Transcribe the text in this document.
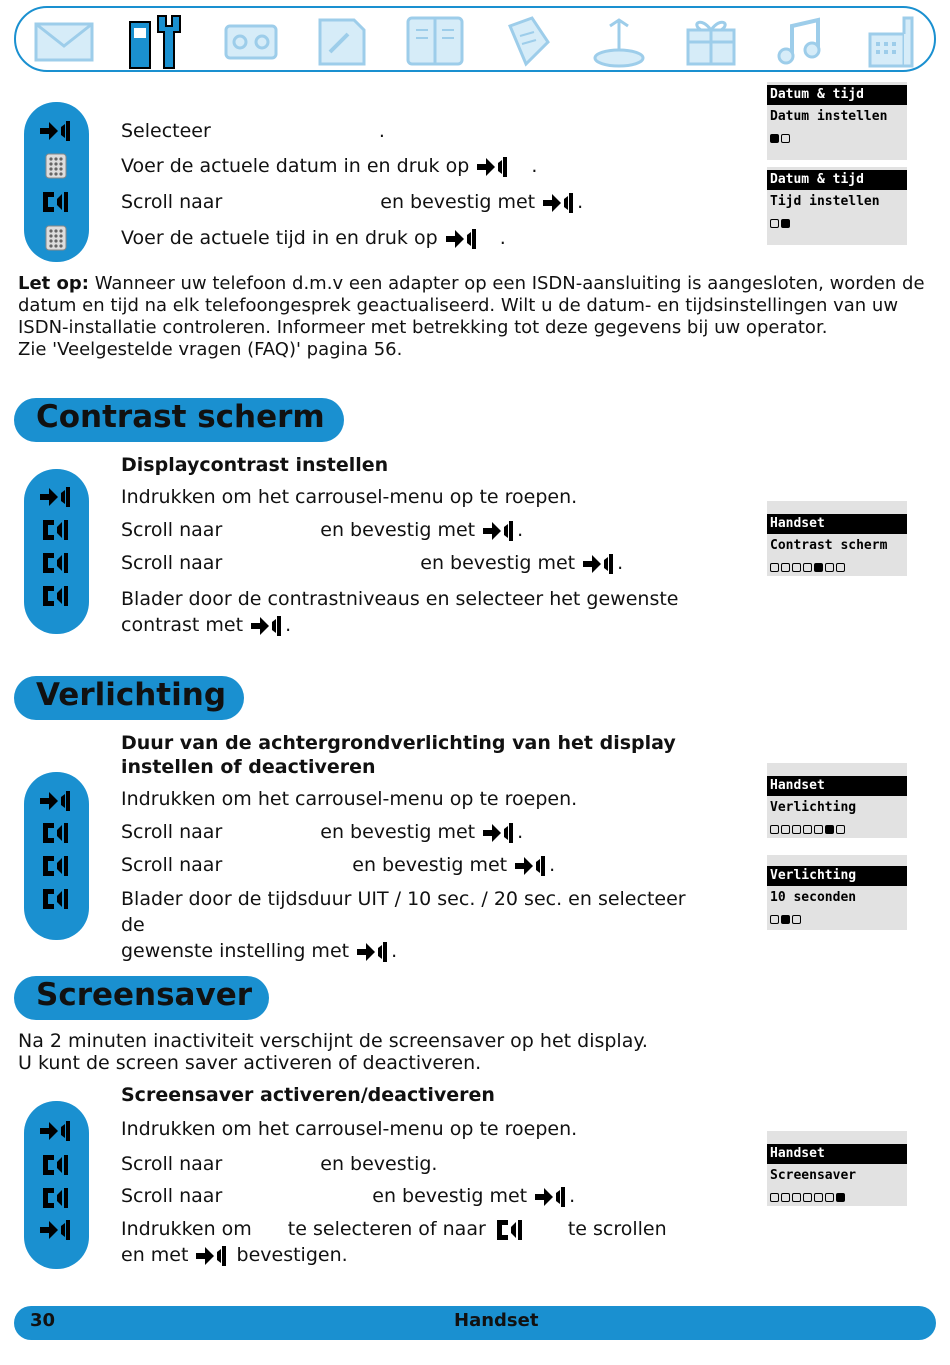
Selecteer	.
Voer de actuele datum in en druk op	.
Scroll naar	en bevestig met .
Voer de actuele tijd in en druk op	.
Datum & tijd
Datum instellen
Datum & tijd
Tijd instellen
Let op: Wanneer uw telefoon d.m.v een adapter op een ISDN-aansluiting is aangesloten, worden de datum en tijd na elk telefoongesprek geactualiseerd. Wilt u de datum- en tijdsinstellingen van uw ISDN-installatie controleren. Informeer met betrekking tot deze gegevens bij uw operator.
Zie 'Veelgestelde vragen (FAQ)' pagina 56.
Contrast scherm
Displaycontrast instellen
Indrukken om het carrousel-menu op te roepen.
Scroll naar	en bevestig met .
Scroll naar	en bevestig met .
Blader door de contrastniveaus en selecteer het gewenste
contrast met .
Handset
Contrast scherm
Verlichting
Duur van de achtergrondverlichting van het display
instellen of deactiveren
Indrukken om het carrousel-menu op te roepen.
Scroll naar	en bevestig met .
Scroll naar	en bevestig met .
Blader door de tijdsduur UIT / 10 sec. / 20 sec. en selecteer de
gewenste instelling met .
Handset
Verlichting
Verlichting
10 seconden
Screensaver
Na 2 minuten inactiviteit verschijnt de screensaver op het display.
U kunt de screen saver activeren of deactiveren.
Screensaver activeren/deactiveren
Indrukken om het carrousel-menu op te roepen.
Scroll naar	en bevestig.
Scroll naar	en bevestig met .
Indrukken om te selecteren of naar	te scrollen
en met	bevestigen.
Handset
Screensaver
30	Handset
